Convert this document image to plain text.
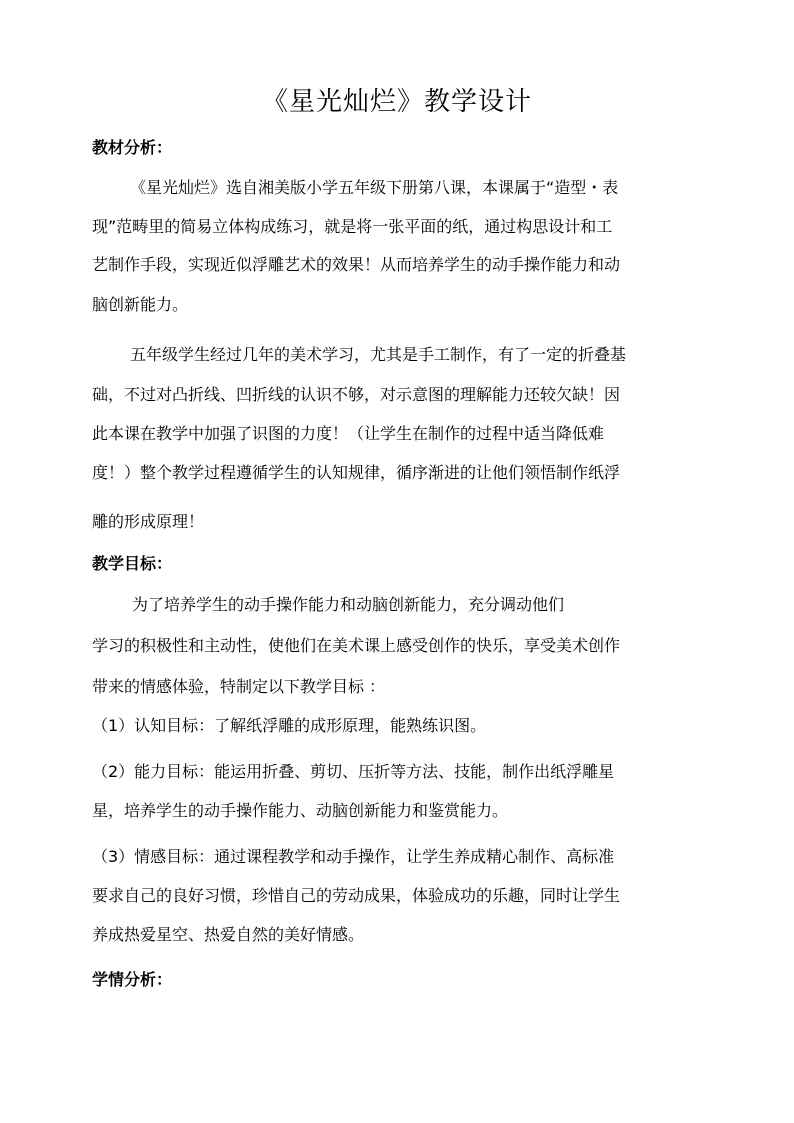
《星光灿烂》教学设计
教材分析：
《星光灿烂》选自湘美版小学五年级下册第八课，本课属于“造型・表
现”范畴里的简易立体构成练习，就是将一张平面的纸，通过构思设计和工
艺制作手段，实现近似浮雕艺术的效果！从而培养学生的动手操作能力和动
脑创新能力。
五年级学生经过几年的美术学习，尤其是手工制作，有了一定的折叠基
础，不过对凸折线、凹折线的认识不够，对示意图的理解能力还较欠缺！因
此本课在教学中加强了识图的力度！（让学生在制作的过程中适当降低难
度！）整个教学过程遵循学生的认知规律，循序渐进的让他们领悟制作纸浮
雕的形成原理！
教学目标：
为了培养学生的动手操作能力和动脑创新能力，充分调动他们
学习的积极性和主动性，使他们在美术课上感受创作的快乐，享受美术创作
带来的情感体验，特制定以下教学目标 ：
（1）认知目标：了解纸浮雕的成形原理，能熟练识图。
（2）能力目标：能运用折叠、剪切、压折等方法、技能，制作出纸浮雕星
星，培养学生的动手操作能力、动脑创新能力和鉴赏能力。
（3）情感目标：通过课程教学和动手操作，让学生养成精心制作、高标准
要求自己的良好习惯，珍惜自己的劳动成果，体验成功的乐趣，同时让学生
养成热爱星空、热爱自然的美好情感。
学情分析：
